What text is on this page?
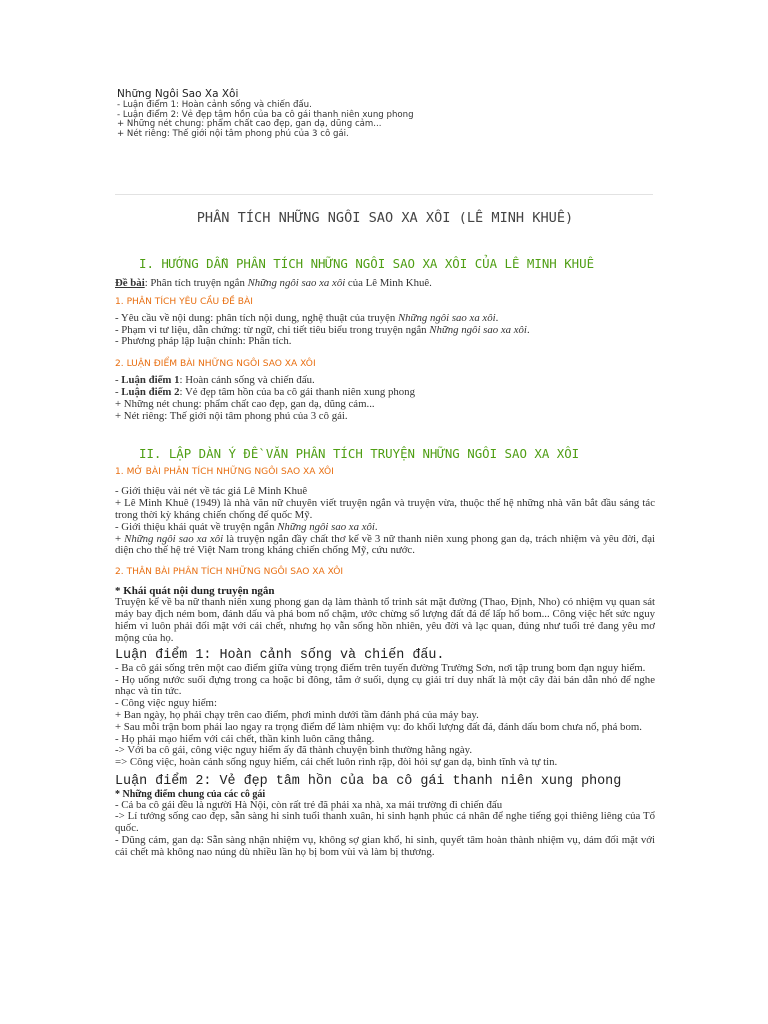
Những Ngôi Sao Xa Xôi
- Luận điểm 1: Hoàn cảnh sống và chiến đấu.
- Luận điểm 2: Vẻ đẹp tâm hồn của ba cô gái thanh niên xung phong
+ Những nét chung: phẩm chất cao đẹp, gan dạ, dũng cảm...
+ Nét riêng: Thế giới nội tâm phong phú của 3 cô gái.
PHÂN TÍCH NHỮNG NGÔI SAO XA XÔI (LÊ MINH KHUÊ)
I. HƯỚNG DẪN PHÂN TÍCH NHỮNG NGÔI SAO XA XÔI CỦA LÊ MINH KHUÊ

Đề bài: Phân tích truyện ngắn Những ngôi sao xa xôi của Lê Minh Khuê.

1. PHÂN TÍCH YÊU CẦU ĐỀ BÀI

- Yêu cầu về nội dung: phân tích nội dung, nghệ thuật của truyện Những ngôi sao xa xôi.

- Phạm vi tư liệu, dẫn chứng: từ ngữ, chi tiết tiêu biểu trong truyện ngắn Những ngôi sao xa xôi.

- Phương pháp lập luận chính: Phân tích.

2. LUẬN ĐIỂM BÀI NHỮNG NGÔI SAO XA XÔI

- Luận điểm 1: Hoàn cảnh sống và chiến đấu.

- Luận điểm 2: Vẻ đẹp tâm hồn của ba cô gái thanh niên xung phong

+ Những nét chung: phẩm chất cao đẹp, gan dạ, dũng cảm...

+ Nét riêng: Thế giới nội tâm phong phú của 3 cô gái.

II. LẬP DÀN Ý ĐỀ VĂN PHÂN TÍCH TRUYỆN NHỮNG NGÔI SAO XA XÔI

1. MỞ BÀI PHÂN TÍCH NHỮNG NGÔI SAO XA XÔI

- Giới thiệu vài nét về tác giả Lê Minh Khuê

+ Lê Minh Khuê (1949) là nhà văn nữ chuyên viết truyện ngắn và truyện vừa, thuộc thế hệ những nhà văn bắt đầu sáng tác trong thời kỳ kháng chiến chống đế quốc Mỹ.

- Giới thiệu khái quát về truyện ngắn Những ngôi sao xa xôi.

+ Những ngôi sao xa xôi là truyện ngắn đầy chất thơ kể về 3 nữ thanh niên xung phong gan dạ, trách nhiệm và yêu đời, đại diện cho thế hệ trẻ Việt Nam trong kháng chiến chống Mỹ, cứu nước.

2. THÂN BÀI PHÂN TÍCH NHỮNG NGÔI SAO XA XÔI

* Khái quát nội dung truyện ngắn

Truyện kể về ba nữ thanh niên xung phong gan dạ làm thành tổ trinh sát mặt đường (Thao, Định, Nho) có nhiệm vụ quan sát máy bay địch ném bom, đánh dấu và phá bom nổ chậm, ước chừng số lượng đất đá để lấp hố bom... Công việc hết sức nguy hiểm vì luôn phải đối mặt với cái chết, nhưng họ vẫn sống hồn nhiên, yêu đời và lạc quan, đúng như tuổi trẻ đang yêu mơ mộng của họ.

Luận điểm 1: Hoàn cảnh sống và chiến đấu.

- Ba cô gái sống trên một cao điểm giữa vùng trọng điểm trên tuyến đường Trường Sơn, nơi tập trung bom đạn nguy hiểm.

- Họ uống nước suối đựng trong ca hoặc bi đông, tắm ở suối, dụng cụ giải trí duy nhất là một cây đài bán dẫn nhỏ để nghe nhạc và tin tức.

- Công việc nguy hiểm:

+ Ban ngày, họ phải chạy trên cao điểm, phơi mình dưới tầm đánh phá của máy bay.

+ Sau mỗi trận bom phải lao ngay ra trọng điểm để làm nhiệm vụ: đo khối lượng đất đá, đánh dấu bom chưa nổ, phá bom.

- Họ phải mạo hiểm với cái chết, thần kinh luôn căng thẳng.

-> Với ba cô gái, công việc nguy hiểm ấy đã thành chuyện bình thường hằng ngày.

=> Công việc, hoàn cảnh sống nguy hiểm, cái chết luôn rình rập, đòi hỏi sự gan dạ, bình tĩnh và tự tin.

Luận điểm 2: Vẻ đẹp tâm hồn của ba cô gái thanh niên xung phong

* Những điểm chung của các cô gái

- Cả ba cô gái đều là người Hà Nội, còn rất trẻ đã phải xa nhà, xa mái trường đi chiến đấu

-> Lí tưởng sống cao đẹp, sẵn sàng hi sinh tuổi thanh xuân, hi sinh hạnh phúc cá nhân để nghe tiếng gọi thiêng liêng của Tổ quốc.

- Dũng cảm, gan dạ: Sẵn sàng nhận nhiệm vụ, không sợ gian khổ, hi sinh, quyết tâm hoàn thành nhiệm vụ, dám đối mặt với cái chết mà không nao núng dù nhiều lần họ bị bom vùi và làm bị thương.
